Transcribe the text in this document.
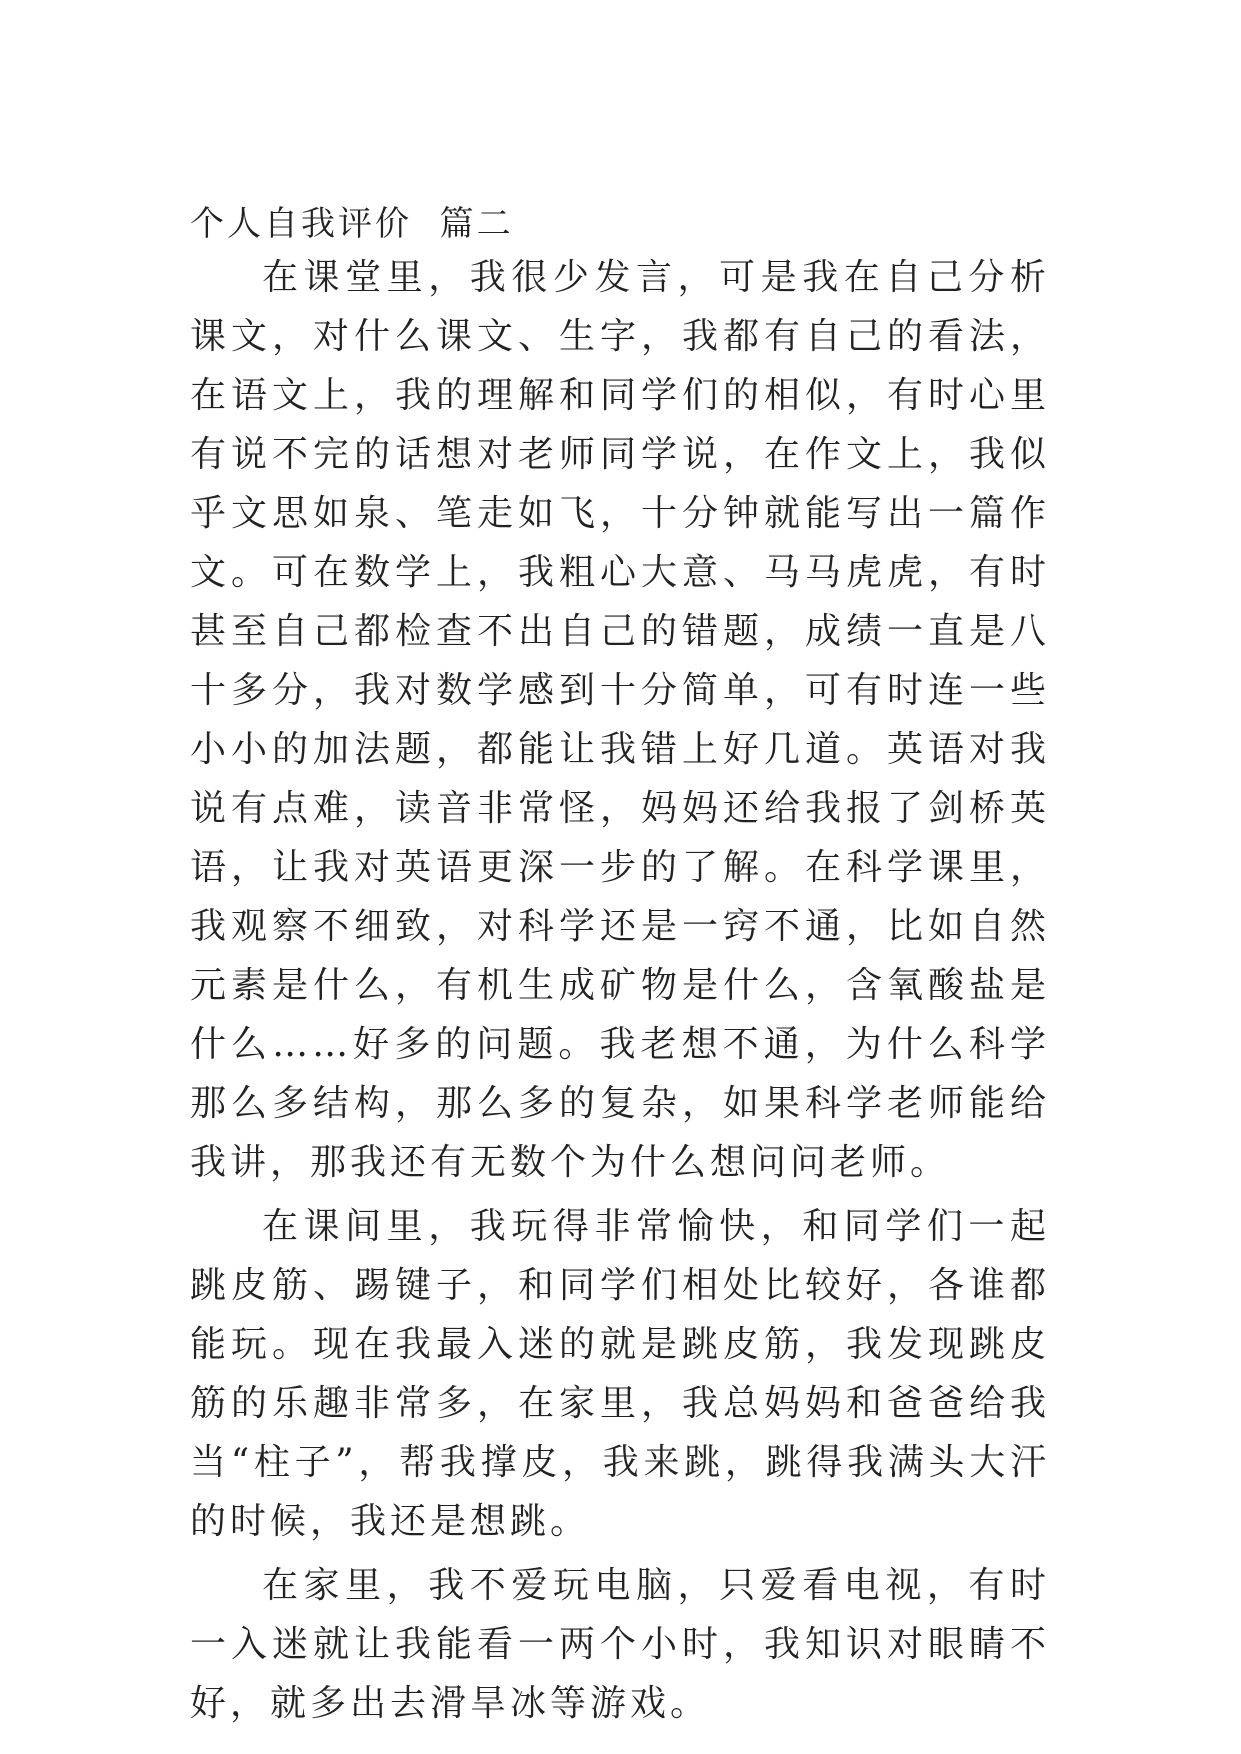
个人自我评价  篇二

在课堂里，我很少发言，可是我在自己分析课文，对什么课文、生字，我都有自己的看法，在语文上，我的理解和同学们的相似，有时心里有说不完的话想对老师同学说，在作文上，我似乎文思如泉、笔走如飞，十分钟就能写出一篇作文。可在数学上，我粗心大意、马马虎虎，有时甚至自己都检查不出自己的错题，成绩一直是八十多分，我对数学感到十分简单，可有时连一些小小的加法题，都能让我错上好几道。英语对我说有点难，读音非常怪，妈妈还给我报了剑桥英语，让我对英语更深一步的了解。在科学课里，我观察不细致，对科学还是一窍不通，比如自然元素是什么，有机生成矿物是什么，含氧酸盐是什么……好多的问题。我老想不通，为什么科学那么多结构，那么多的复杂，如果科学老师能给我讲，那我还有无数个为什么想问问老师。

在课间里，我玩得非常愉快，和同学们一起跳皮筋、踢键子，和同学们相处比较好，各谁都能玩。现在我最入迷的就是跳皮筋，我发现跳皮筋的乐趣非常多，在家里，我总妈妈和爸爸给我当“柱子”，帮我撑皮，我来跳，跳得我满头大汗的时候，我还是想跳。

在家里，我不爱玩电脑，只爱看电视，有时一入迷就让我能看一两个小时，我知识对眼睛不好，就多出去滑旱冰等游戏。
